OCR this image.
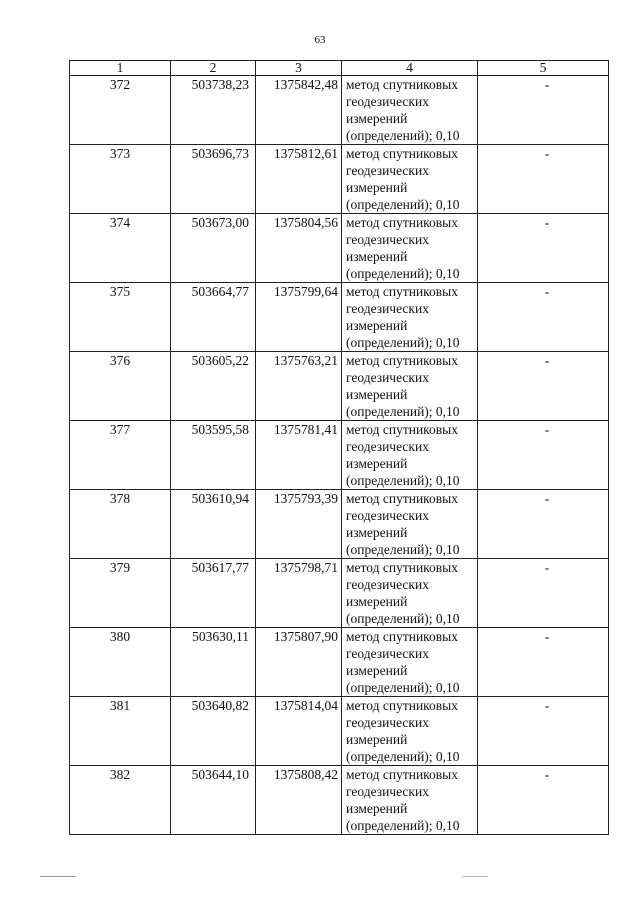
63
1	2	3	4	5
372	503738,23	1375842,48	метод спутниковых
геодезических
измерений
(определений); 0,10	-
373	503696,73	1375812,61	метод спутниковых
геодезических
измерений
(определений); 0,10	-
374	503673,00	1375804,56	метод спутниковых
геодезических
измерений
(определений); 0,10	-
375	503664,77	1375799,64	метод спутниковых
геодезических
измерений
(определений); 0,10	-
376	503605,22	1375763,21	метод спутниковых
геодезических
измерений
(определений); 0,10	-
377	503595,58	1375781,41	метод спутниковых
геодезических
измерений
(определений); 0,10	-
378	503610,94	1375793,39	метод спутниковых
геодезических
измерений
(определений); 0,10	-
379	503617,77	1375798,71	метод спутниковых
геодезических
измерений
(определений); 0,10	-
380	503630,11	1375807,90	метод спутниковых
геодезических
измерений
(определений); 0,10	-
381	503640,82	1375814,04	метод спутниковых
геодезических
измерений
(определений); 0,10	-
382	503644,10	1375808,42	метод спутниковых
геодезических
измерений
(определений); 0,10	-
